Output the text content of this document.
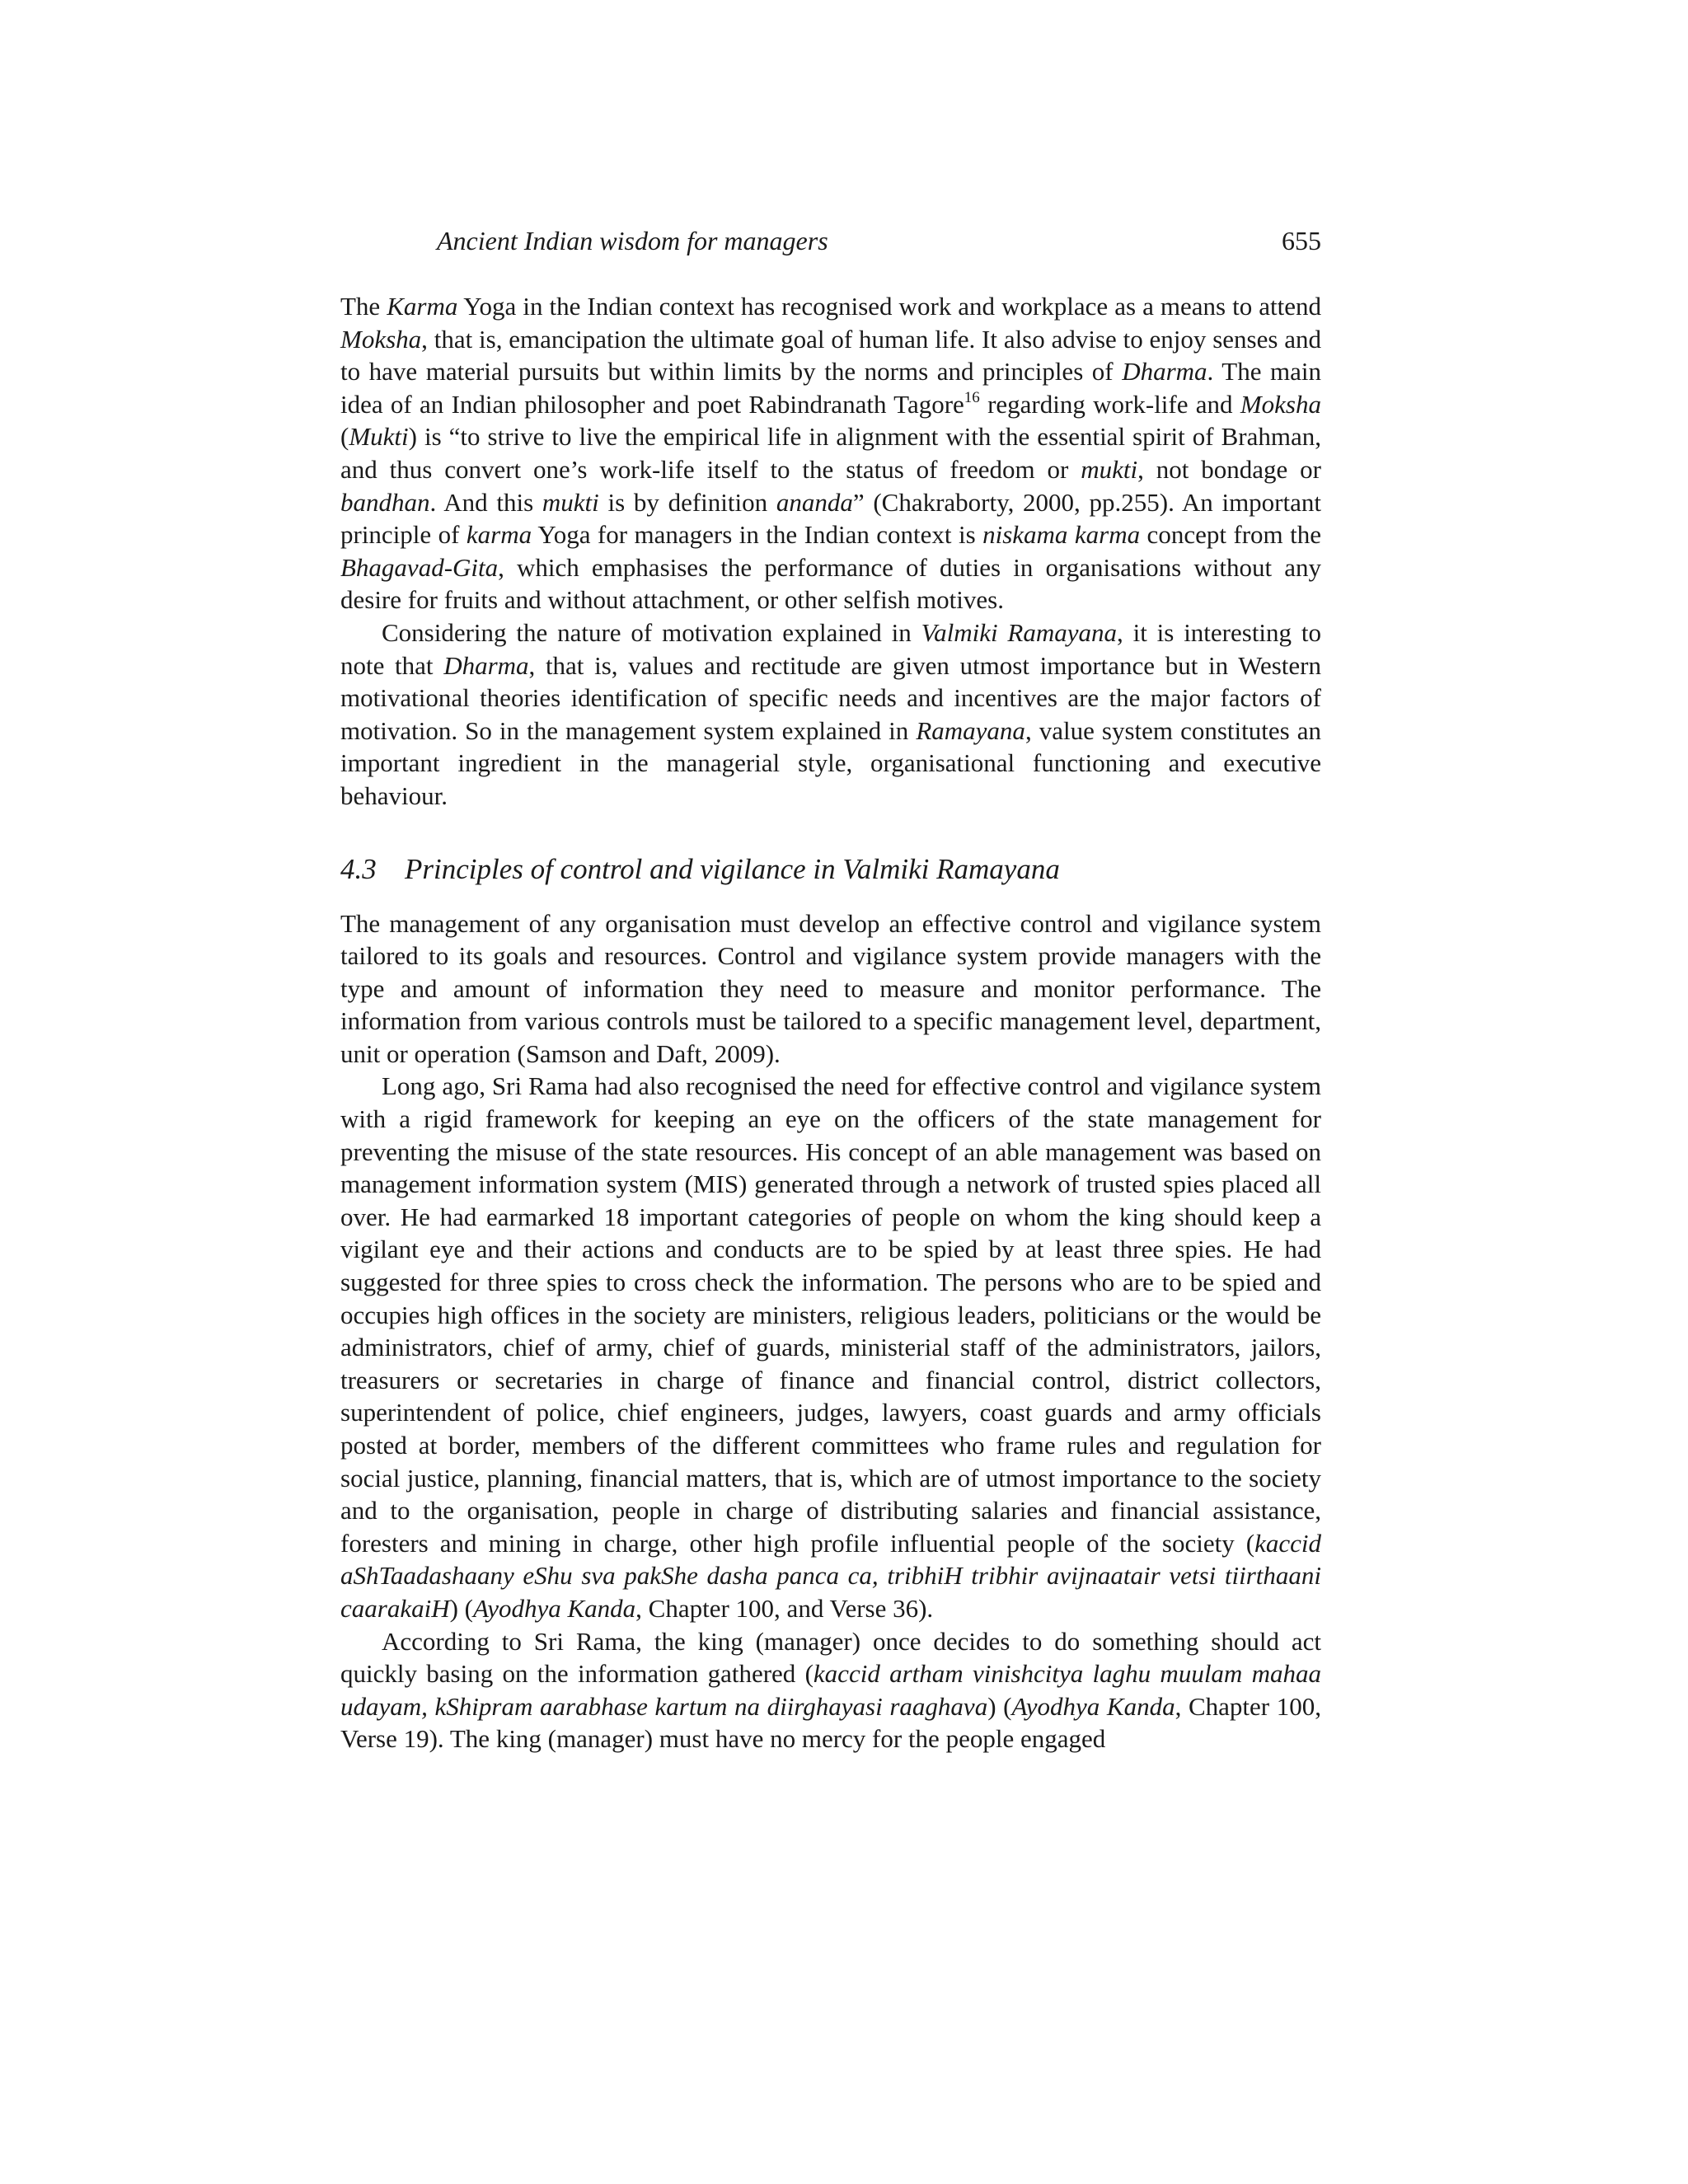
Ancient Indian wisdom for managers	655

The Karma Yoga in the Indian context has recognised work and workplace as a means to attend Moksha, that is, emancipation the ultimate goal of human life. It also advise to enjoy senses and to have material pursuits but within limits by the norms and principles of Dharma. The main idea of an Indian philosopher and poet Rabindranath Tagore$^{16}$ regarding work-life and Moksha (Mukti) is “to strive to live the empirical life in alignment with the essential spirit of Brahman, and thus convert one’s work-life itself to the status of freedom or mukti, not bondage or bandhan. And this mukti is by definition ananda” (Chakraborty, 2000, pp.255). An important principle of karma Yoga for managers in the Indian context is niskama karma concept from the Bhagavad-Gita, which emphasises the performance of duties in organisations without any desire for fruits and without attachment, or other selfish motives.

Considering the nature of motivation explained in Valmiki Ramayana, it is interesting to note that Dharma, that is, values and rectitude are given utmost importance but in Western motivational theories identification of specific needs and incentives are the major factors of motivation. So in the management system explained in Ramayana, value system constitutes an important ingredient in the managerial style, organisational functioning and executive behaviour.

4.3 Principles of control and vigilance in Valmiki Ramayana

The management of any organisation must develop an effective control and vigilance system tailored to its goals and resources. Control and vigilance system provide managers with the type and amount of information they need to measure and monitor performance. The information from various controls must be tailored to a specific management level, department, unit or operation (Samson and Daft, 2009).

Long ago, Sri Rama had also recognised the need for effective control and vigilance system with a rigid framework for keeping an eye on the officers of the state management for preventing the misuse of the state resources. His concept of an able management was based on management information system (MIS) generated through a network of trusted spies placed all over. He had earmarked 18 important categories of people on whom the king should keep a vigilant eye and their actions and conducts are to be spied by at least three spies. He had suggested for three spies to cross check the information. The persons who are to be spied and occupies high offices in the society are ministers, religious leaders, politicians or the would be administrators, chief of army, chief of guards, ministerial staff of the administrators, jailors, treasurers or secretaries in charge of finance and financial control, district collectors, superintendent of police, chief engineers, judges, lawyers, coast guards and army officials posted at border, members of the different committees who frame rules and regulation for social justice, planning, financial matters, that is, which are of utmost importance to the society and to the organisation, people in charge of distributing salaries and financial assistance, foresters and mining in charge, other high profile influential people of the society (kaccid aShTaadashaany eShu sva pakShe dasha panca ca, tribhiH tribhir avijnaatair vetsi tiirthaani caarakaiH) (Ayodhya Kanda, Chapter 100, and Verse 36).

According to Sri Rama, the king (manager) once decides to do something should act quickly basing on the information gathered (kaccid artham vinishcitya laghu muulam mahaa udayam, kShipram aarabhase kartum na diirghayasi raaghava) (Ayodhya Kanda, Chapter 100, Verse 19). The king (manager) must have no mercy for the people engaged
